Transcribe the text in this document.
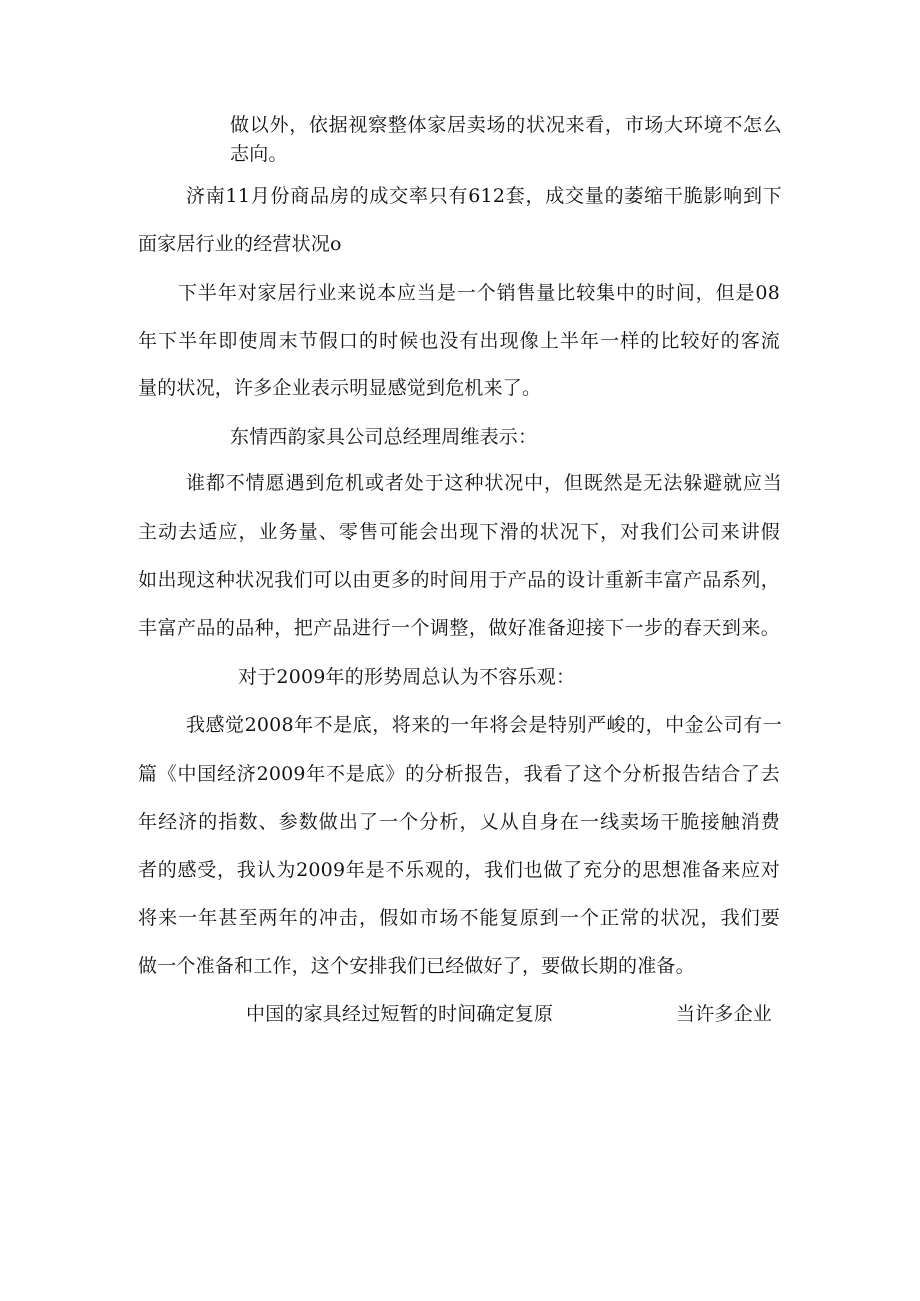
做以外，依据视察整体家居卖场的状况来看，市场大环境不怎么
志向。
济南11月份商品房的成交率只有612套，成交量的萎缩干脆影响到下
面家居行业的经营状况o
下半年对家居行业来说本应当是一个销售量比较集中的时间，但是08
年下半年即使周末节假口的时候也没有出现像上半年一样的比较好的客流
量的状况，许多企业表示明显感觉到危机来了。
东情西韵家具公司总经理周维表示：
谁都不情愿遇到危机或者处于这种状况中，但既然是无法躲避就应当
主动去适应，业务量、零售可能会出现下滑的状况下，对我们公司来讲假
如出现这种状况我们可以由更多的时间用于产品的设计重新丰富产品系列，
丰富产品的品种，把产品进行一个调整，做好准备迎接下一步的春天到来。
对于2009年的形势周总认为不容乐观：
我感觉2008年不是底，将来的一年将会是特别严峻的，中金公司有一
篇《中国经济2009年不是底》的分析报告，我看了这个分析报告结合了去
年经济的指数、参数做出了一个分析，乂从自身在一线卖场干脆接触消费
者的感受，我认为2009年是不乐观的，我们也做了充分的思想准备来应对
将来一年甚至两年的冲击，假如市场不能复原到一个正常的状况，我们要
做一个准备和工作，这个安排我们已经做好了，要做长期的准备。
中国的家具经过短暂的时间确定复原	当许多企业
